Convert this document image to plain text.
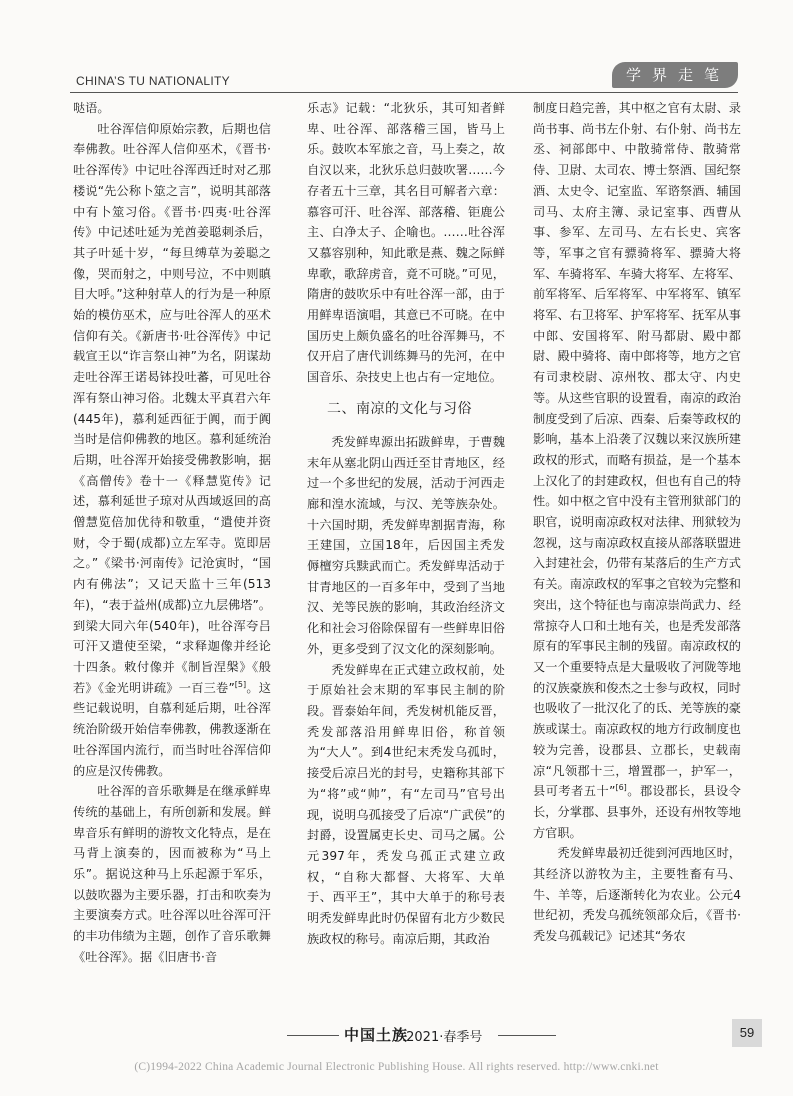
CHINA’S TU NATIONALITY	学界走笔

哒语。

吐谷浑信仰原始宗教，后期也信奉佛教。吐谷浑人信仰巫术，《晋书·吐谷浑传》中记吐谷浑西迁时对乙那楼说“先公称卜筮之言”，说明其部落中有卜筮习俗。《晋书·四夷·吐谷浑传》中记述吐延为羌酋姜聪刺杀后，其子叶延十岁，“每旦缚草为姜聪之像，哭而射之，中则号泣，不中则瞋目大呼。”这种射草人的行为是一种原始的模仿巫术，应与吐谷浑人的巫术信仰有关。《新唐书·吐谷浑传》中记载宣王以“诈言祭山神”为名，阴谋劫走吐谷浑王诺曷钵投吐蕃，可见吐谷浑有祭山神习俗。北魏太平真君六年(445年)，慕利延西征于阗，而于阗当时是信仰佛教的地区。慕利延统治后期，吐谷浑开始接受佛教影响，据《高僧传》卷十一《释慧览传》记述，慕利延世子琼对从西域返回的高僧慧览倍加优待和敬重，“遣使并资财，令于蜀(成都)立左军寺。览即居之。”《梁书·河南传》记沧寅时，“国内有佛法”；又记天监十三年(513年)，“表于益州(成都)立九层佛塔”。到梁大同六年(540年)，吐谷浑夸吕可汗又遣使至梁，“求释迦像并经论十四条。敕付像并《制旨涅槃》《般若》《金光明讲疏》一百三卷”[5]。这些记载说明，自慕利延后期，吐谷浑统治阶级开始信奉佛教，佛教逐渐在吐谷浑国内流行，而当时吐谷浑信仰的应是汉传佛教。

吐谷浑的音乐歌舞是在继承鲜卑传统的基础上，有所创新和发展。鲜卑音乐有鲜明的游牧文化特点，是在马背上演奏的，因而被称为“马上乐”。据说这种马上乐起源于军乐，以鼓吹器为主要乐器，打击和吹奏为主要演奏方式。吐谷浑以吐谷浑可汗的丰功伟绩为主题，创作了音乐歌舞《吐谷浑》。据《旧唐书·音

乐志》记载：“北狄乐，其可知者鲜卑、吐谷浑、部落稽三国，皆马上乐。鼓吹本军旅之音，马上奏之，故自汉以来，北狄乐总归鼓吹署……今存者五十三章，其名目可解者六章：慕容可汗、吐谷浑、部落稽、钜鹿公主、白净太子、企喻也。……吐谷浑又慕容别种，知此歌是燕、魏之际鲜卑歌，歌辞虏音，竟不可晓。”可见，隋唐的鼓吹乐中有吐谷浑一部，由于用鲜卑语演唱，其意已不可晓。在中国历史上颇负盛名的吐谷浑舞马，不仅开启了唐代训练舞马的先河，在中国音乐、杂技史上也占有一定地位。

二、南凉的文化与习俗

秃发鲜卑源出拓跋鲜卑，于曹魏末年从塞北阴山西迁至甘青地区，经过一个多世纪的发展，活动于河西走廊和湟水流域，与汉、羌等族杂处。十六国时期，秃发鲜卑割据青海，称王建国，立国18年，后因国主秃发傉檀穷兵黩武而亡。秃发鲜卑活动于甘青地区的一百多年中，受到了当地汉、羌等民族的影响，其政治经济文化和社会习俗除保留有一些鲜卑旧俗外，更多受到了汉文化的深刻影响。

秃发鲜卑在正式建立政权前，处于原始社会末期的军事民主制的阶段。晋泰始年间，秃发树机能反晋，秃发部落沿用鲜卑旧俗，称首领为“大人”。到4世纪末秃发乌孤时，接受后凉吕光的封号，史籍称其部下为“将”或“帅”，有“左司马”官号出现，说明乌孤接受了后凉“广武侯”的封爵，设置属吏长史、司马之属。公元397年，秃发乌孤正式建立政权，“自称大都督、大将军、大单于、西平王”，其中大单于的称号表明秃发鲜卑此时仍保留有北方少数民族政权的称号。南凉后期，其政治

制度日趋完善，其中枢之官有太尉、录尚书事、尚书左仆射、右仆射、尚书左丞、祠部郎中、中散骑常侍、散骑常侍、卫尉、太司农、博士祭酒、国纪祭酒、太史令、记室监、军谘祭酒、辅国司马、太府主簿、录记室事、西曹从事、参军、左司马、左右长史、宾客等，军事之官有骠骑将军、骠骑大将军、车骑将军、车骑大将军、左将军、前军将军、后军将军、中军将军、镇军将军、右卫将军、护军将军、抚军从事中郎、安国将军、附马都尉、殿中都尉、殿中骑将、南中郎将等，地方之官有司隶校尉、凉州牧、郡太守、内史等。从这些官职的设置看，南凉的政治制度受到了后凉、西秦、后秦等政权的影响，基本上沿袭了汉魏以来汉族所建政权的形式，而略有损益，是一个基本上汉化了的封建政权，但也有自己的特性。如中枢之官中没有主管刑狱部门的职官，说明南凉政权对法律、刑狱较为忽视，这与南凉政权直接从部落联盟进入封建社会，仍带有某落后的生产方式有关。南凉政权的军事之官较为完整和突出，这个特征也与南凉崇尚武力、经常掠夺人口和土地有关，也是秃发部落原有的军事民主制的残留。南凉政权的又一个重要特点是大量吸收了河陇等地的汉族豪族和俊杰之士参与政权，同时也吸收了一批汉化了的氐、羌等族的豪族或谋士。南凉政权的地方行政制度也较为完善，设郡县、立郡长，史载南凉“凡领郡十三，增置郡一，护军一，县可考者五十”[6]。郡设郡长，县设令长，分掌郡、县事外，还设有州牧等地方官职。

秃发鲜卑最初迁徙到河西地区时，其经济以游牧为主，主要牲畜有马、牛、羊等，后逐渐转化为农业。公元4世纪初，秃发乌孤统领部众后，《晋书·秃发乌孤载记》记述其“务农

中国土族
.2021·春季号	59
(C)1994-2022 China Academic Journal Electronic Publishing House. All rights reserved. http://www.cnki.net
